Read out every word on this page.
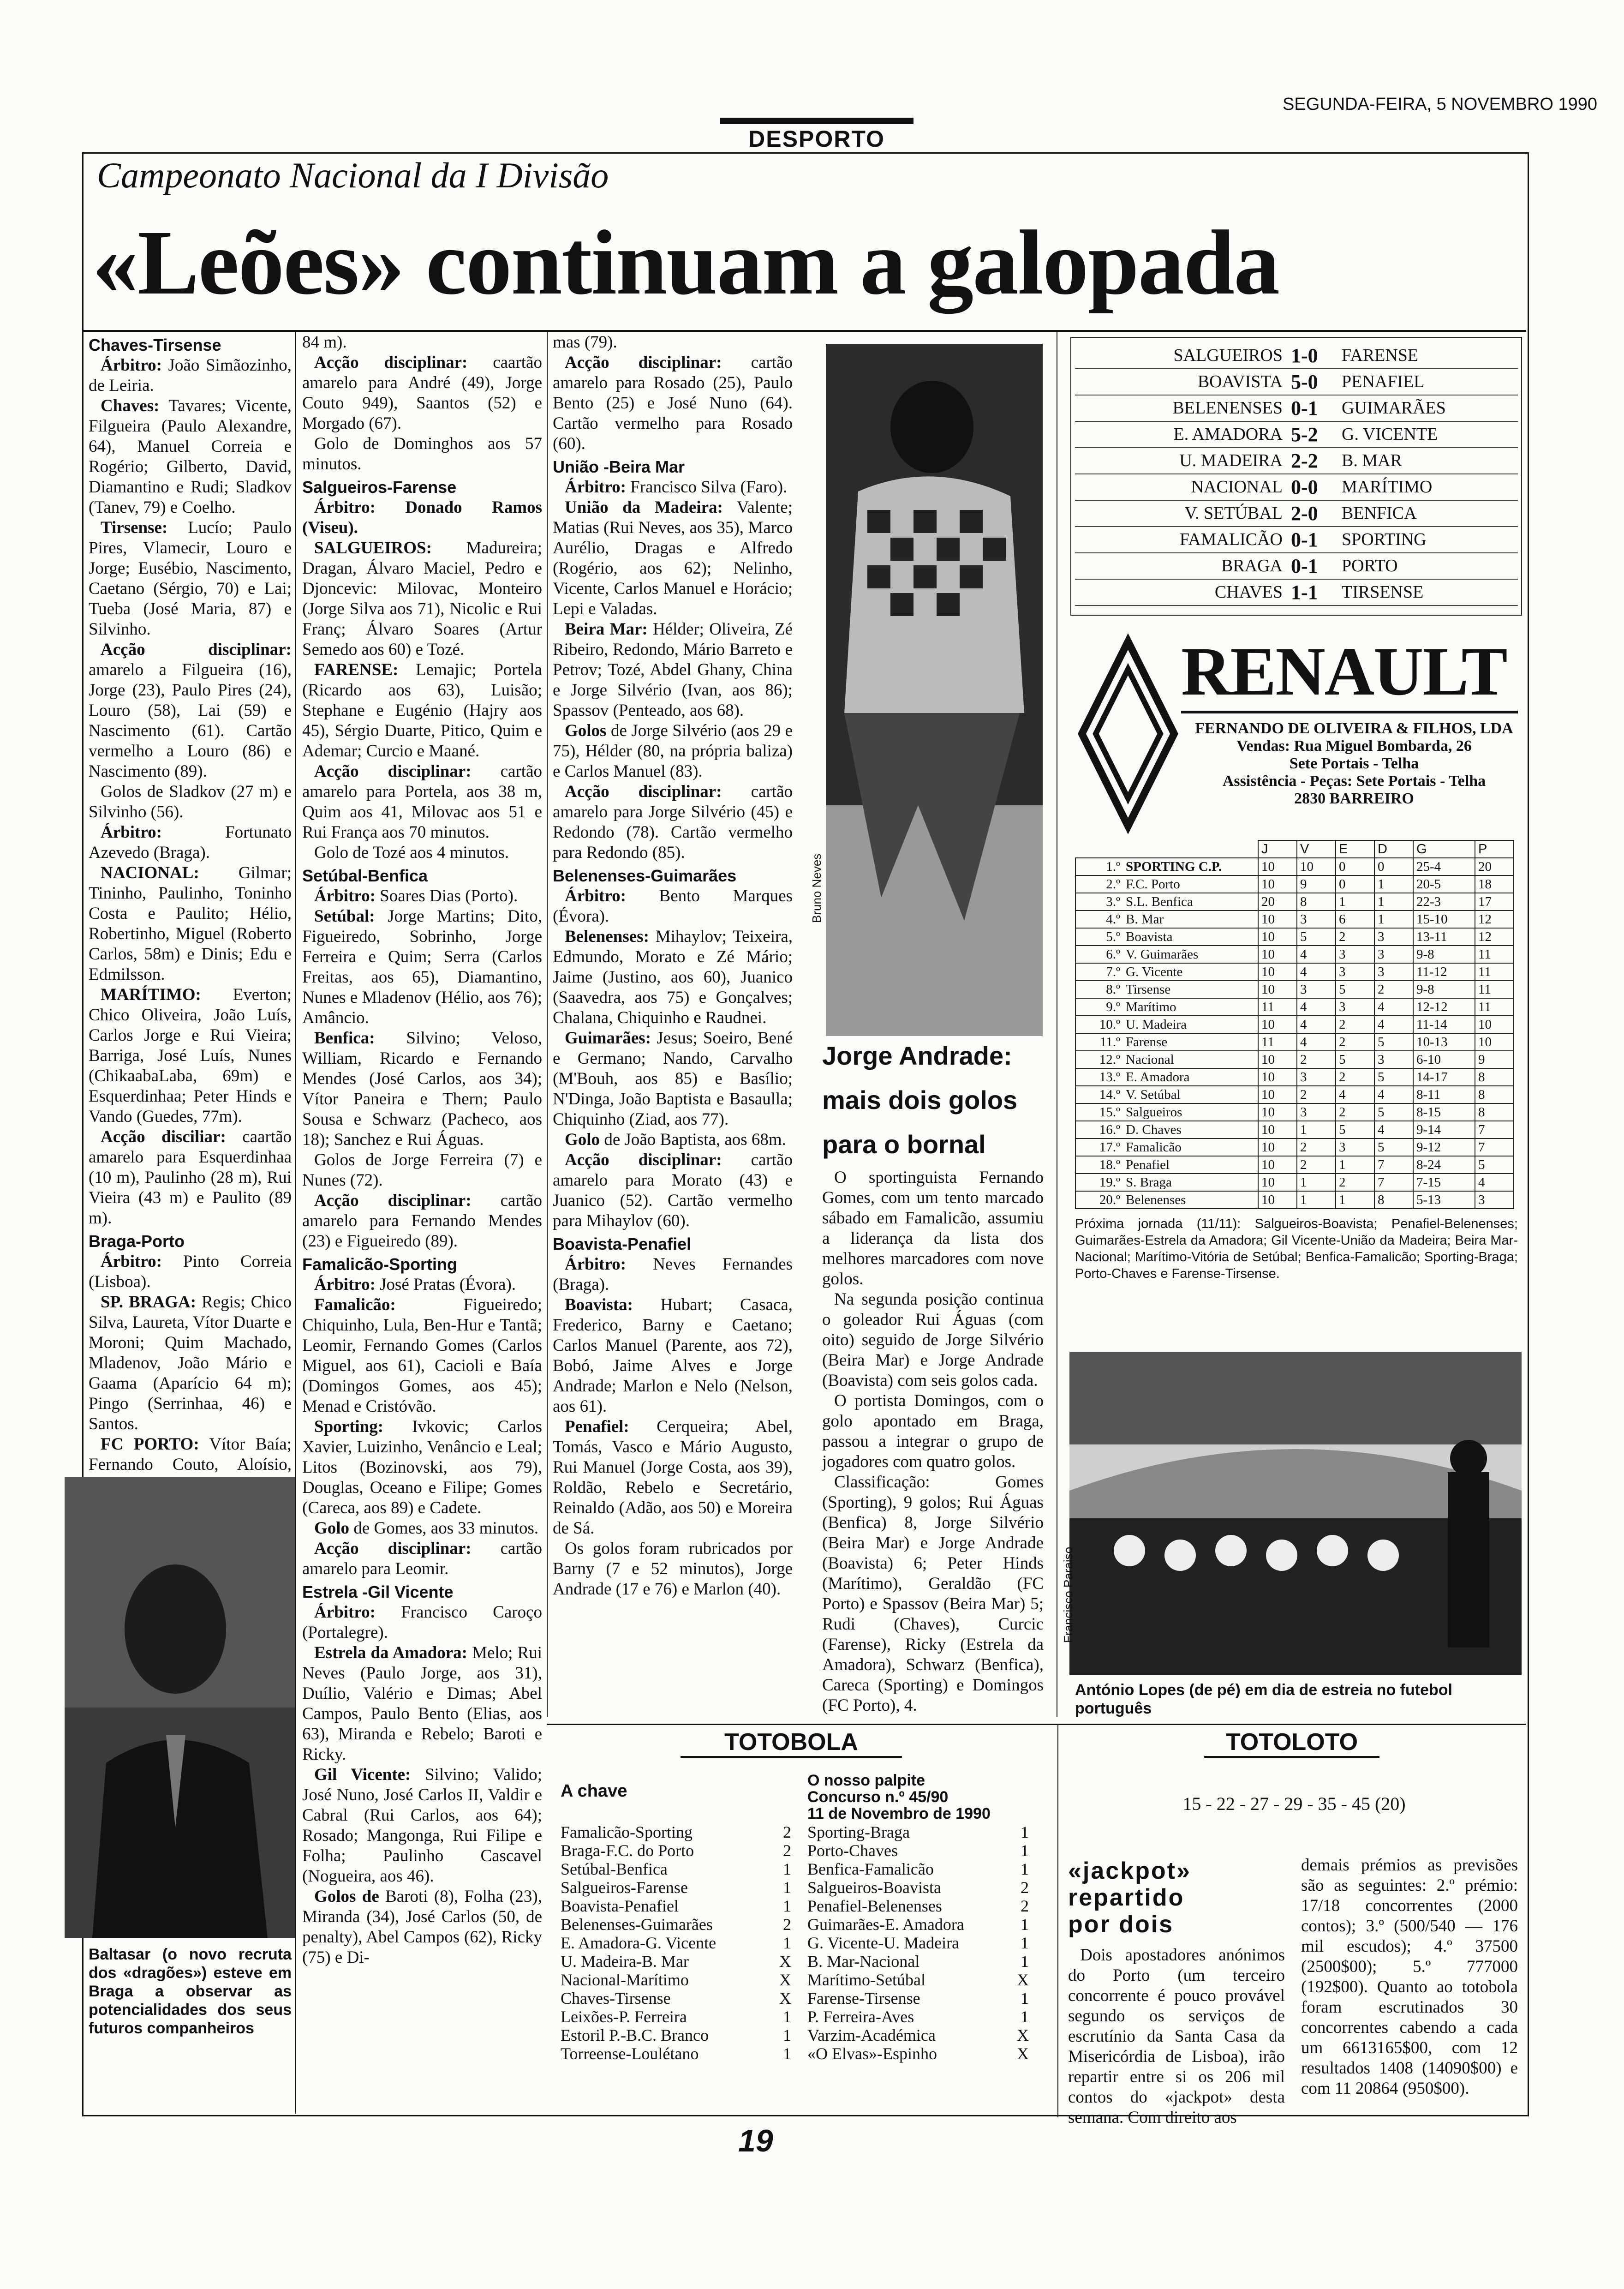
SEGUNDA-FEIRA, 5 NOVEMBRO 1990
DESPORTO
Campeonato Nacional da I Divisão
«Leões» continuam a galopada

Chaves-Tirsense

Árbitro: João Simãozinho, de Leiria.

Chaves: Tavares; Vicente, Filgueira (Paulo Alexandre, 64), Manuel Correia e Rogério; Gilberto, David, Diamantino e Rudi; Sladkov (Tanev, 79) e Coelho.

Tirsense: Lucío; Paulo Pires, Vlamecir, Louro e Jorge; Eusébio, Nascimento, Caetano (Sérgio, 70) e Lai; Tueba (José Maria, 87) e Silvinho.

Acção disciplinar: amarelo a Filgueira (16), Jorge (23), Paulo Pires (24), Louro (58), Lai (59) e Nascimento (61). Cartão vermelho a Louro (86) e Nascimento (89).

Golos de Sladkov (27 m) e Silvinho (56).

Árbitro: Fortunato Azevedo (Braga).

NACIONAL: Gilmar; Tininho, Paulinho, Toninho Costa e Paulito; Hélio, Robertinho, Miguel (Roberto Carlos, 58m) e Dinis; Edu e Edmilsson.

MARÍTIMO: Everton; Chico Oliveira, João Luís, Carlos Jorge e Rui Vieira; Barriga, José Luís, Nunes (ChikaabaLaba, 69m) e Esquerdinhaa; Peter Hinds e Vando (Guedes, 77m).

Acção disciliar: caartão amarelo para Esquerdinhaa (10 m), Paulinho (28 m), Rui Vieira (43 m) e Paulito (89 m).

Braga-Porto

Árbitro: Pinto Correia (Lisboa).

SP. BRAGA: Regis; Chico Silva, Laureta, Vítor Duarte e Moroni; Quim Machado, Mladenov, João Mário e Gaama (Aparício 64 m); Pingo (Serrinhaa, 46) e Santos.

FC PORTO: Vítor Baía; Fernando Couto, Aloísio,

Baltasar (o novo recruta dos «dragões») esteve em Braga a observar as potencialidades dos seus futuros companheiros

84 m).

Acção disciplinar: caartão amarelo para André (49), Jorge Couto 949), Saantos (52) e Morgado (67).

Golo de Dominghos aos 57 minutos.

Salgueiros-Farense

Árbitro: Donado Ramos (Viseu).

SALGUEIROS: Madureira; Dragan, Álvaro Maciel, Pedro e Djoncevic: Milovac, Monteiro (Jorge Silva aos 71), Nicolic e Rui Franç; Álvaro Soares (Artur Semedo aos 60) e Tozé.

FARENSE: Lemajic; Portela (Ricardo aos 63), Luisão; Stephane e Eugénio (Hajry aos 45), Sérgio Duarte, Pitico, Quim e Ademar; Curcio e Maané.

Acção disciplinar: cartão amarelo para Portela, aos 38 m, Quim aos 41, Milovac aos 51 e Rui França aos 70 minutos.

Golo de Tozé aos 4 minutos.

Setúbal-Benfica

Árbitro: Soares Dias (Porto).

Setúbal: Jorge Martins; Dito, Figueiredo, Sobrinho, Jorge Ferreira e Quim; Serra (Carlos Freitas, aos 65), Diamantino, Nunes e Mladenov (Hélio, aos 76); Amâncio.

Benfica: Silvino; Veloso, William, Ricardo e Fernando Mendes (José Carlos, aos 34); Vítor Paneira e Thern; Paulo Sousa e Schwarz (Pacheco, aos 18); Sanchez e Rui Águas.

Golos de Jorge Ferreira (7) e Nunes (72).

Acção disciplinar: cartão amarelo para Fernando Mendes (23) e Figueiredo (89).

Famalicão-Sporting

Árbitro: José Pratas (Évora).

Famalicão: Figueiredo; Chiquinho, Lula, Ben-Hur e Tantã; Leomir, Fernando Gomes (Carlos Miguel, aos 61), Cacioli e Baía (Domingos Gomes, aos 45); Menad e Cristóvão.

Sporting: Ivkovic; Carlos Xavier, Luizinho, Venâncio e Leal; Litos (Bozinovski, aos 79), Douglas, Oceano e Filipe; Gomes (Careca, aos 89) e Cadete.

Golo de Gomes, aos 33 minutos.

Acção disciplinar: cartão amarelo para Leomir.

Estrela -Gil Vicente

Árbitro: Francisco Caroço (Portalegre).

Estrela da Amadora: Melo; Rui Neves (Paulo Jorge, aos 31), Duílio, Valério e Dimas; Abel Campos, Paulo Bento (Elias, aos 63), Miranda e Rebelo; Baroti e Ricky.

Gil Vicente: Silvino; Valido; José Nuno, José Carlos II, Valdir e Cabral (Rui Carlos, aos 64); Rosado; Mangonga, Rui Filipe e Folha; Paulinho Cascavel (Nogueira, aos 46).

Golos de Baroti (8), Folha (23), Miranda (34), José Carlos (50, de penalty), Abel Campos (62), Ricky (75) e Di-

mas (79).

Acção disciplinar: cartão amarelo para Rosado (25), Paulo Bento (25) e José Nuno (64). Cartão vermelho para Rosado (60).

União -Beira Mar

Árbitro: Francisco Silva (Faro).

União da Madeira: Valente; Matias (Rui Neves, aos 35), Marco Aurélio, Dragas e Alfredo (Rogério, aos 62); Nelinho, Vicente, Carlos Manuel e Horácio; Lepi e Valadas.

Beira Mar: Hélder; Oliveira, Zé Ribeiro, Redondo, Mário Barreto e Petrov; Tozé, Abdel Ghany, China e Jorge Silvério (Ivan, aos 86); Spassov (Penteado, aos 68).

Golos de Jorge Silvério (aos 29 e 75), Hélder (80, na própria baliza) e Carlos Manuel (83).

Acção disciplinar: cartão amarelo para Jorge Silvério (45) e Redondo (78). Cartão vermelho para Redondo (85).

Belenenses-Guimarães

Árbitro: Bento Marques (Évora).

Belenenses: Mihaylov; Teixeira, Edmundo, Morato e Zé Mário; Jaime (Justino, aos 60), Juanico (Saavedra, aos 75) e Gonçalves; Chalana, Chiquinho e Raudnei.

Guimarães: Jesus; Soeiro, Bené e Germano; Nando, Carvalho (M'Bouh, aos 85) e Basílio; N'Dinga, João Baptista e Basaulla; Chiquinho (Ziad, aos 77).

Golo de João Baptista, aos 68m.

Acção disciplinar: cartão amarelo para Morato (43) e Juanico (52). Cartão vermelho para Mihaylov (60).

Boavista-Penafiel

Árbitro: Neves Fernandes (Braga).

Boavista: Hubart; Casaca, Frederico, Barny e Caetano; Carlos Manuel (Parente, aos 72), Bobó, Jaime Alves e Jorge Andrade; Marlon e Nelo (Nelson, aos 61).

Penafiel: Cerqueira; Abel, Tomás, Vasco e Mário Augusto, Rui Manuel (Jorge Costa, aos 39), Roldão, Rebelo e Secretário, Reinaldo (Adão, aos 50) e Moreira de Sá.

Os golos foram rubricados por Barny (7 e 52 minutos), Jorge Andrade (17 e 76) e Marlon (40).

Bruno Neves
Jorge Andrade:
mais dois golos
para o bornal

O sportinguista Fernando Gomes, com um tento marcado sábado em Famalicão, assumiu a liderança da lista dos melhores marcadores com nove golos.

Na segunda posição continua o goleador Rui Águas (com oito) seguido de Jorge Silvério (Beira Mar) e Jorge Andrade (Boavista) com seis golos cada.

O portista Domingos, com o golo apontado em Braga, passou a integrar o grupo de jogadores com quatro golos.

Classificação: Gomes (Sporting), 9 golos; Rui Águas (Benfica) 8, Jorge Silvério (Beira Mar) e Jorge Andrade (Boavista) 6; Peter Hinds (Marítimo), Geraldão (FC Porto) e Spassov (Beira Mar) 5; Rudi (Chaves), Curcic (Farense), Ricky (Estrela da Amadora), Schwarz (Benfica), Careca (Sporting) e Domingos (FC Porto), 4.

SALGUEIROS 1-0	FARENSE
BOAVISTA 5-0	PENAFIEL
BELENENSES 0-1	GUIMARÃES
E. AMADORA 5-2	G. VICENTE
U. MADEIRA 2-2	B. MAR
NACIONAL 0-0	MARÍTIMO
V. SETÚBAL 2-0	BENFICA
FAMALICÃO 0-1	SPORTING
BRAGA 0-1	PORTO
CHAVES 1-1	TIRSENSE
RENAULT
FERNANDO DE OLIVEIRA & FILHOS, LDA
Vendas: Rua Miguel Bombarda, 26
Sete Portais - Telha
Assistência - Peças: Sete Portais - Telha
2830 BARREIRO
		J	V	E	D	G	P
1.º	SPORTING C.P.	10	10	0	0	25-4	20
2.º	F.C. Porto	10	9	0	1	20-5	18
3.º	S.L. Benfica	20	8	1	1	22-3	17
4.º	B. Mar	10	3	6	1	15-10	12
5.º	Boavista	10	5	2	3	13-11	12
6.º	V. Guimarães	10	4	3	3	9-8	11
7.º	G. Vicente	10	4	3	3	11-12	11
8.º	Tirsense	10	3	5	2	9-8	11
9.º	Marítimo	11	4	3	4	12-12	11
10.º	U. Madeira	10	4	2	4	11-14	10
11.º	Farense	11	4	2	5	10-13	10
12.º	Nacional	10	2	5	3	6-10	9
13.º	E. Amadora	10	3	2	5	14-17	8
14.º	V. Setúbal	10	2	4	4	8-11	8
15.º	Salgueiros	10	3	2	5	8-15	8
16.º	D. Chaves	10	1	5	4	9-14	7
17.º	Famalicão	10	2	3	5	9-12	7
18.º	Penafiel	10	2	1	7	8-24	5
19.º	S. Braga	10	1	2	7	7-15	4
20.º	Belenenses	10	1	1	8	5-13	3
Próxima jornada (11/11): Salgueiros-Boavista; Penafiel-Belenenses; Guimarães-Estrela da Amadora; Gil Vicente-União da Madeira; Beira Mar-Nacional; Marítimo-Vitória de Setúbal; Benfica-Famalicão; Sporting-Braga; Porto-Chaves e Farense-Tirsense.
Francisco Paraiso
António Lopes (de pé) em dia de estreia no futebol português
TOTOBOLA
A chave
Famalicão-Sporting	2
Braga-F.C. do Porto	2
Setúbal-Benfica	1
Salgueiros-Farense	1
Boavista-Penafiel	1
Belenenses-Guimarães	2
E. Amadora-G. Vicente	1
U. Madeira-B. Mar	X
Nacional-Marítimo	X
Chaves-Tirsense	X
Leixões-P. Ferreira	1
Estoril P.-B.C. Branco	1
Torreense-Loulétano	1
O nosso palpite
Concurso n.º 45/90
11 de Novembro de 1990
Sporting-Braga	1
Porto-Chaves	1
Benfica-Famalicão	1
Salgueiros-Boavista	2
Penafiel-Belenenses	2
Guimarães-E. Amadora	1
G. Vicente-U. Madeira	1
B. Mar-Nacional	1
Marítimo-Setúbal	X
Farense-Tirsense	1
P. Ferreira-Aves	1
Varzim-Académica	X
«O Elvas»-Espinho	X
TOTOLOTO
15 - 22 - 27 - 29 - 35 - 45 (20)
«jackpot»
repartido
por dois
Dois apostadores anónimos do Porto (um terceiro concorrente é pouco provável segundo os serviços de escrutínio da Santa Casa da Misericórdia de Lisboa), irão repartir entre si os 206 mil contos do «jackpot» desta semana. Com direito aos
demais prémios as previsões são as seguintes: 2.º prémio: 17/18 concorrentes (2000 contos); 3.º (500/540 — 176 mil escudos); 4.º 37500 (2500$00); 5.º 777000 (192$00). Quanto ao totobola foram escrutinados 30 concorrentes cabendo a cada um 6613165$00, com 12 resultados 1408 (14090$00) e com 11 20864 (950$00).
19
